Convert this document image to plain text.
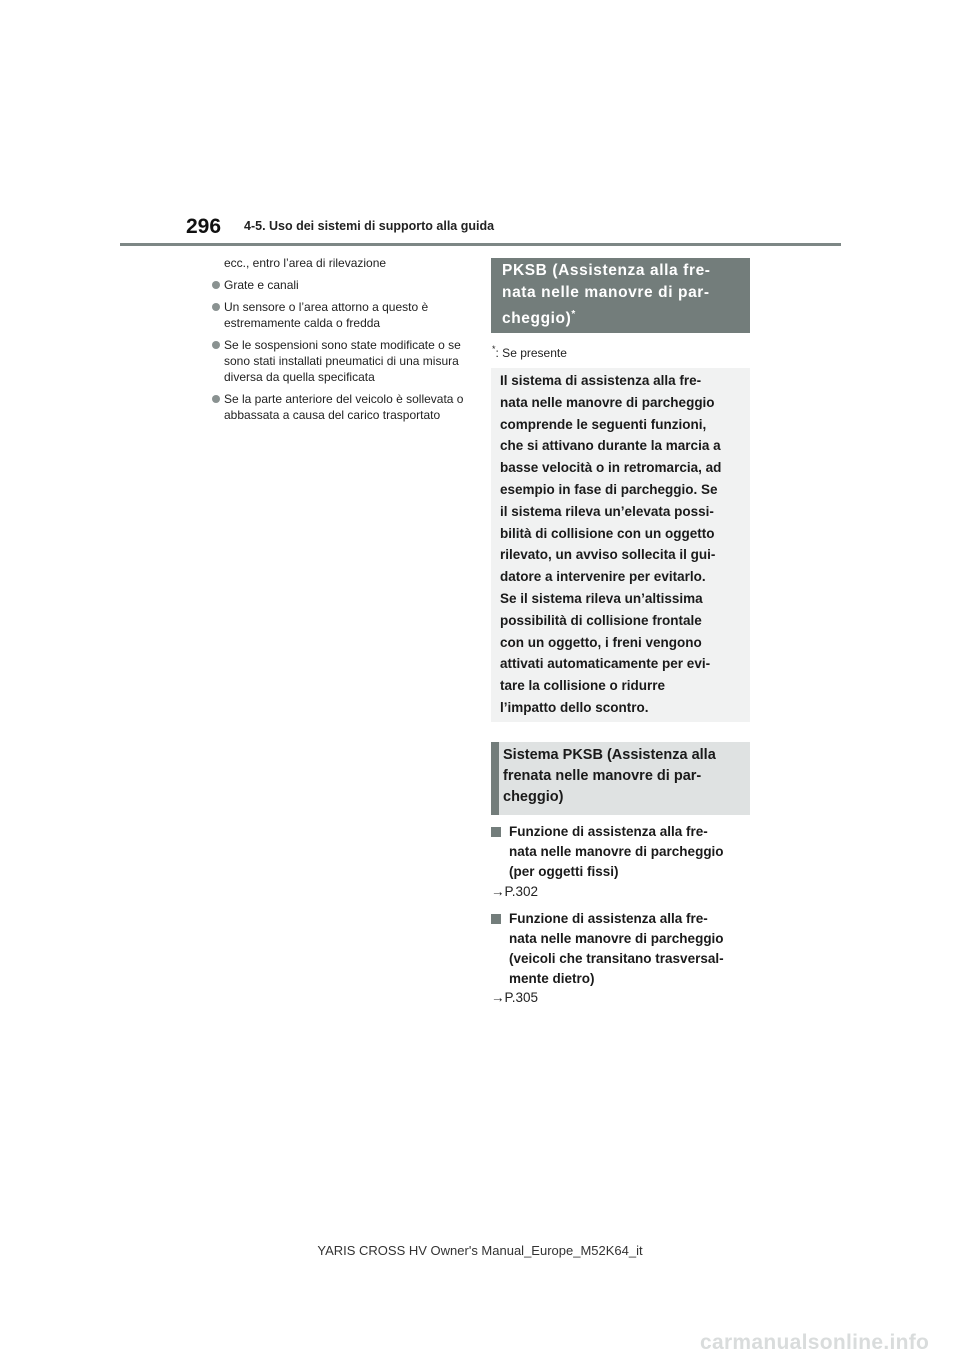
296 4-5. Uso dei sistemi di supporto alla guida
ecc., entro l’area di rilevazione
Grate e canali
Un sensore o l’area attorno a questo è estremamente calda o fredda
Se le sospensioni sono state modificate o se sono stati installati pneumatici di una misura diversa da quella specificata
Se la parte anteriore del veicolo è sollevata o abbassata a causa del carico trasportato
PKSB (Assistenza alla fre-
nata nelle manovre di par-
cheggio)*
*: Se presente
Il sistema di assistenza alla fre-
nata nelle manovre di parcheggio
comprende le seguenti funzioni,
che si attivano durante la marcia a
basse velocità o in retromarcia, ad
esempio in fase di parcheggio. Se
il sistema rileva un’elevata possi-
bilità di collisione con un oggetto
rilevato, un avviso sollecita il gui-
datore a intervenire per evitarlo.
Se il sistema rileva un’altissima
possibilità di collisione frontale
con un oggetto, i freni vengono
attivati automaticamente per evi-
tare la collisione o ridurre
l’impatto dello scontro.
Sistema PKSB (Assistenza alla
frenata nelle manovre di par-
cheggio)
Funzione di assistenza alla fre-
nata nelle manovre di parcheggio
(per oggetti fissi)
→P.302
Funzione di assistenza alla fre-
nata nelle manovre di parcheggio
(veicoli che transitano trasversal-
mente dietro)
→P.305
YARIS CROSS HV Owner's Manual_Europe_M52K64_it
carmanualsonline.info
